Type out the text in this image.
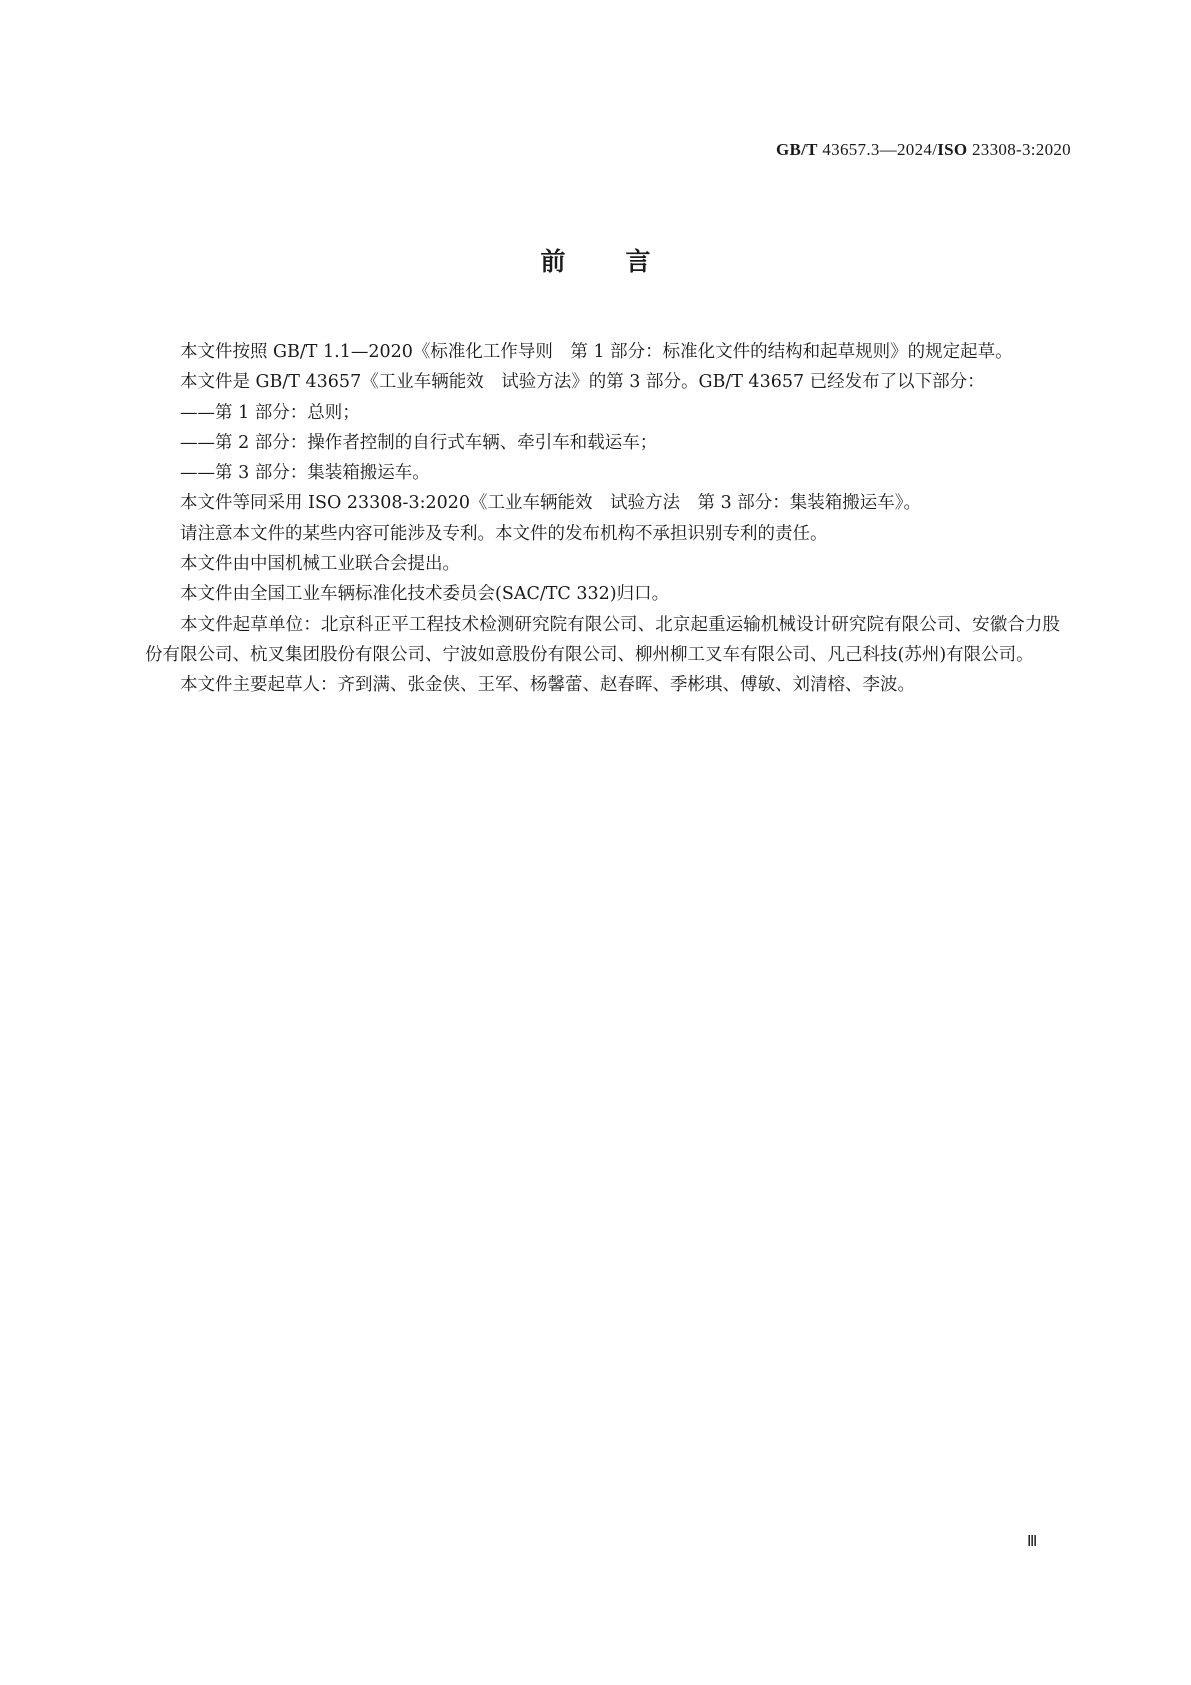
GB/T 43657.3—2024/ISO 23308-3:2020
前言

本文件按照 GB/T 1.1—2020《标准化工作导则　第 1 部分：标准化文件的结构和起草规则》的规定起草。

本文件是 GB/T 43657《工业车辆能效　试验方法》的第 3 部分。GB/T 43657 已经发布了以下部分：

——第 1 部分：总则；

——第 2 部分：操作者控制的自行式车辆、牵引车和载运车；

——第 3 部分：集装箱搬运车。

本文件等同采用 ISO 23308-3:2020《工业车辆能效　试验方法　第 3 部分：集装箱搬运车》。

请注意本文件的某些内容可能涉及专利。本文件的发布机构不承担识别专利的责任。

本文件由中国机械工业联合会提出。

本文件由全国工业车辆标准化技术委员会(SAC/TC 332)归口。

本文件起草单位：北京科正平工程技术检测研究院有限公司、北京起重运输机械设计研究院有限公司、安徽合力股份有限公司、杭叉集团股份有限公司、宁波如意股份有限公司、柳州柳工叉车有限公司、凡己科技(苏州)有限公司。

本文件主要起草人：齐到满、张金侠、王军、杨馨蕾、赵春晖、季彬琪、傅敏、刘清榕、李波。

Ⅲ
